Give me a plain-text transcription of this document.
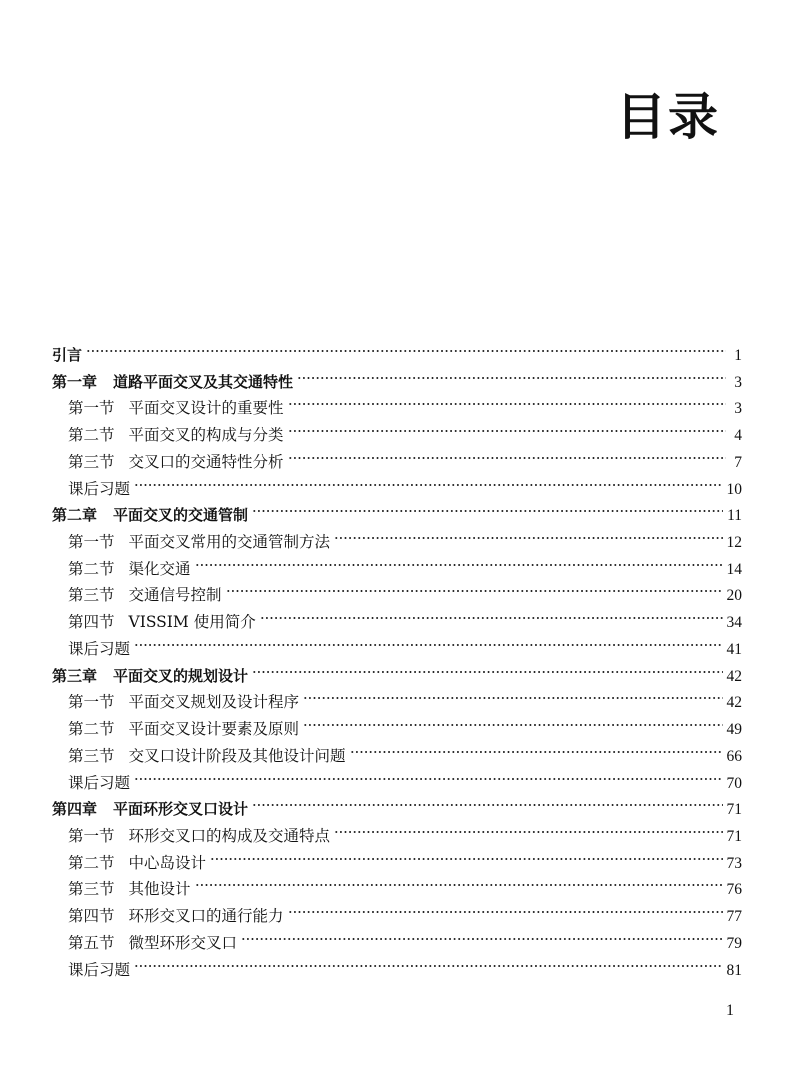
目录
引言	1
第一章 道路平面交叉及其交通特性	3
第一节 平面交叉设计的重要性	3
第二节 平面交叉的构成与分类	4
第三节 交叉口的交通特性分析	7
课后习题	10
第二章 平面交叉的交通管制	11
第一节 平面交叉常用的交通管制方法	12
第二节 渠化交通	14
第三节 交通信号控制	20
第四节 VISSIM 使用简介	34
课后习题	41
第三章 平面交叉的规划设计	42
第一节 平面交叉规划及设计程序	42
第二节 平面交叉设计要素及原则	49
第三节 交叉口设计阶段及其他设计问题	66
课后习题	70
第四章 平面环形交叉口设计	71
第一节 环形交叉口的构成及交通特点	71
第二节 中心岛设计	73
第三节 其他设计	76
第四节 环形交叉口的通行能力	77
第五节 微型环形交叉口	79
课后习题	81
1
